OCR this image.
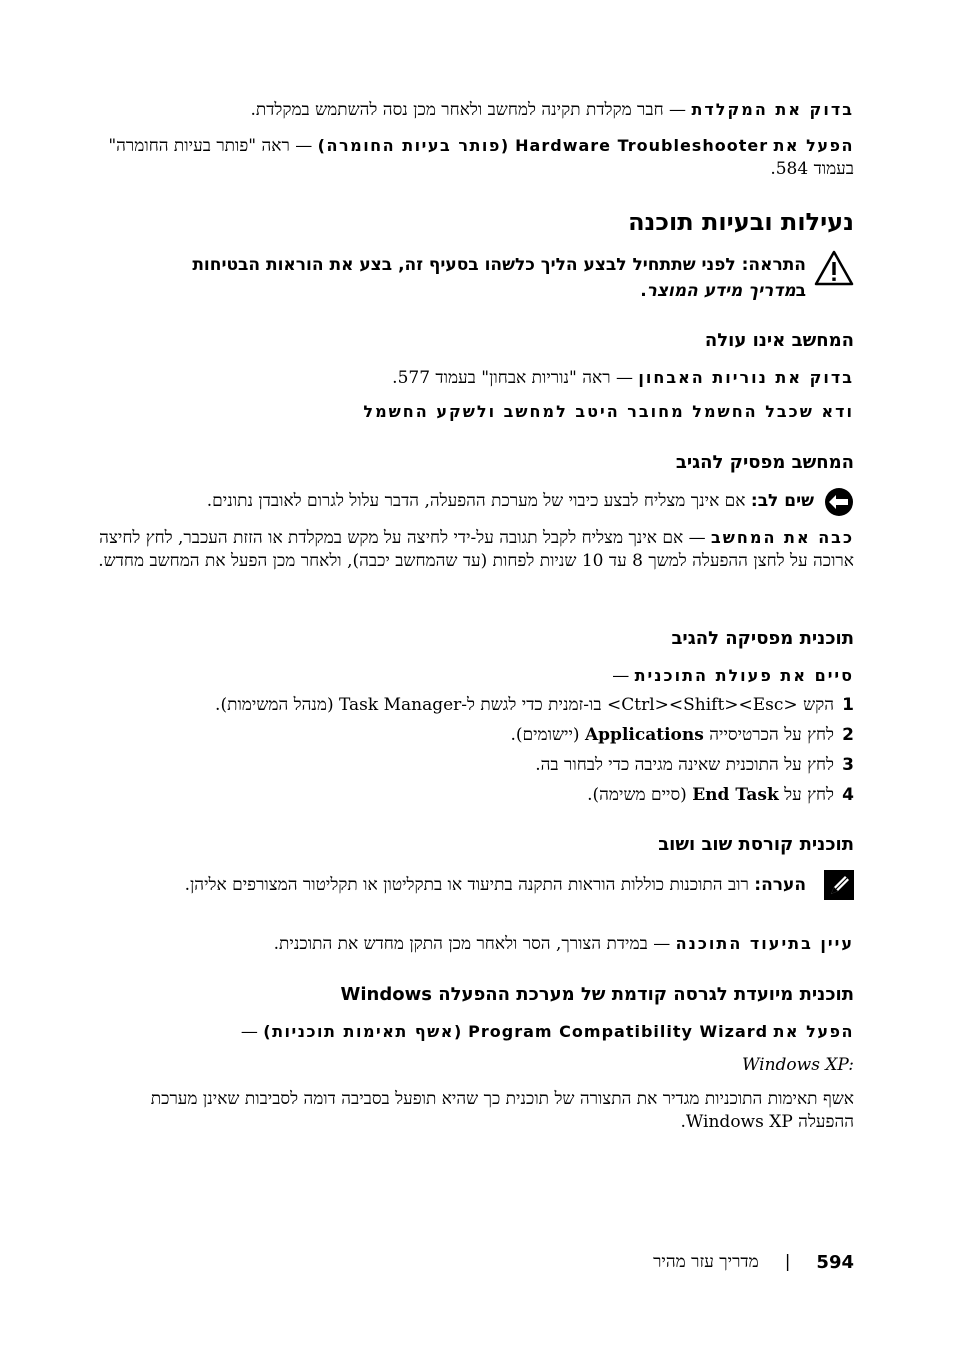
בדוק את המקלדת — חבר מקלדת תקינה למחשב ולאחר מכן נסה להשתמש במקלדת.
הפעל את Hardware Troubleshooter (פותר בעיות החומרה) — ראה "פותר בעיות החומרה" בעמוד 584.
נעילות ובעיות תוכנה
התראה: לפני שתתחיל לבצע הליך כלשהו בסעיף זה, בצע את הוראות הבטיחות
במדריך מידע המוצר.
המחשב אינו עולה
בדוק את נוריות האבחון — ראה "נוריות אבחון" בעמוד 577.
ודא שכבל החשמל מחובר היטב למחשב ולשקע החשמל
המחשב מפסיק להגיב
שים לב: אם אינך מצליח לבצע כיבוי של מערכת ההפעלה, הדבר עלול לגרום לאובדן נתונים.
כבה את המחשב — אם אינך מצליח לקבל תגובה על-ידי לחיצה על מקש במקלדת או הזזת העכבר, לחץ לחיצה ארוכה על לחצן ההפעלה למשך 8 עד 10 שניות לפחות (עד שהמחשב יכבה), ולאחר מכן הפעל את המחשב מחדש.
תוכנית מפסיקה להגיב
סיים את פעולת התוכנית —
1
הקש <Ctrl><Shift><Esc> בו-זמנית כדי לגשת ל-Task Manager (מנהל המשימות).
2
לחץ על הכרטיסייה Applications (יישומים).
3
לחץ על התוכנית שאינה מגיבה כדי לבחור בה.
4
לחץ על End Task (סיים משימה).
תוכנית קורסת שוב ושוב
הערה: רוב התוכנות כוללות הוראות התקנה בתיעוד או בתקליטון או תקליטור המצורפים אליהן.
עיין בתיעוד התוכנה — במידת הצורך, הסר ולאחר מכן התקן מחדש את התוכנית.
תוכנית מיועדת לגרסה קודמת של מערכת ההפעלה Windows
הפעל את Program Compatibility Wizard (אשף תאימות תוכניות) —
Windows XP:
אשף תאימות התוכניות מגדיר את התצורה של תוכנית כך שהיא תופעל בסביבה דומה לסביבות שאינן מערכת ההפעלה Windows XP.
594
|
מדריך עזר מהיר
